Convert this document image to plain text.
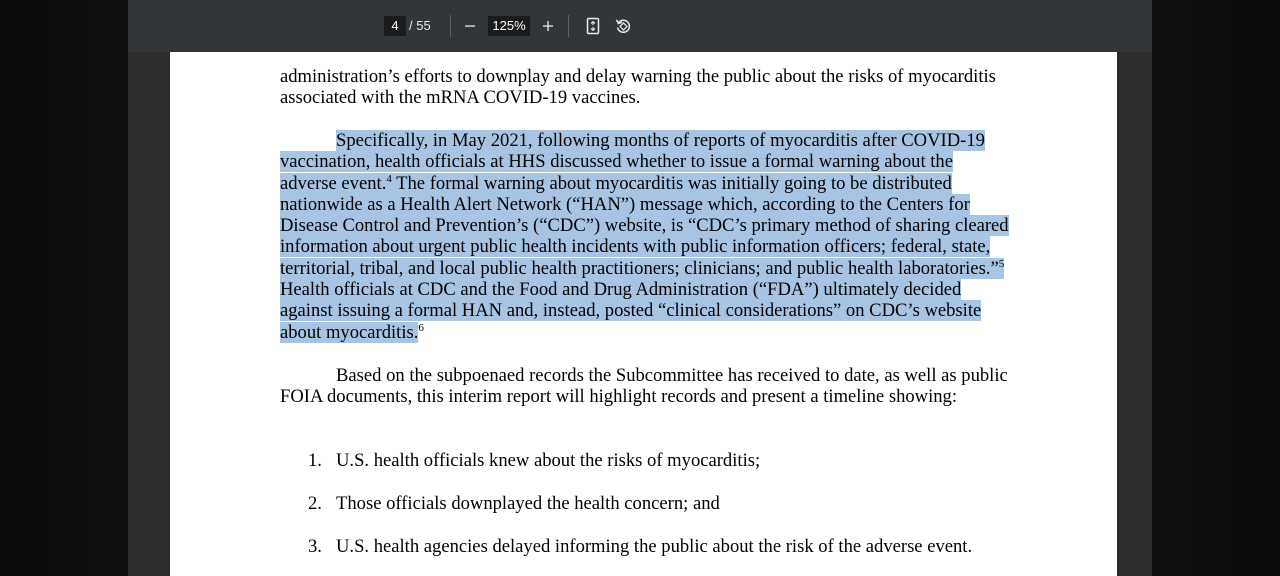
4
/ 55
125%
administration’s efforts to downplay and delay warning the public about the risks of myocarditis associated with the mRNA COVID-19 vaccines.
Specifically, in May 2021, following months of reports of myocarditis after COVID-19 vaccination, health officials at HHS discussed whether to issue a formal warning about the adverse event.$^4$ The formal warning about myocarditis was initially going to be distributed nationwide as a Health Alert Network (“HAN”) message which, according to the Centers for Disease Control and Prevention’s (“CDC”) website, is “CDC’s primary method of sharing cleared information about urgent public health incidents with public information officers; federal, state, territorial, tribal, and local public health practitioners; clinicians; and public health laboratories.”$^5$ Health officials at CDC and the Food and Drug Administration (“FDA”) ultimately decided against issuing a formal HAN and, instead, posted “clinical considerations” on CDC’s website about myocarditis.$^6$
Based on the subpoenaed records the Subcommittee has received to date, as well as public FOIA documents, this interim report will highlight records and present a timeline showing:
1. U.S. health officials knew about the risks of myocarditis;
2. Those officials downplayed the health concern; and
3. U.S. health agencies delayed informing the public about the risk of the adverse event.
